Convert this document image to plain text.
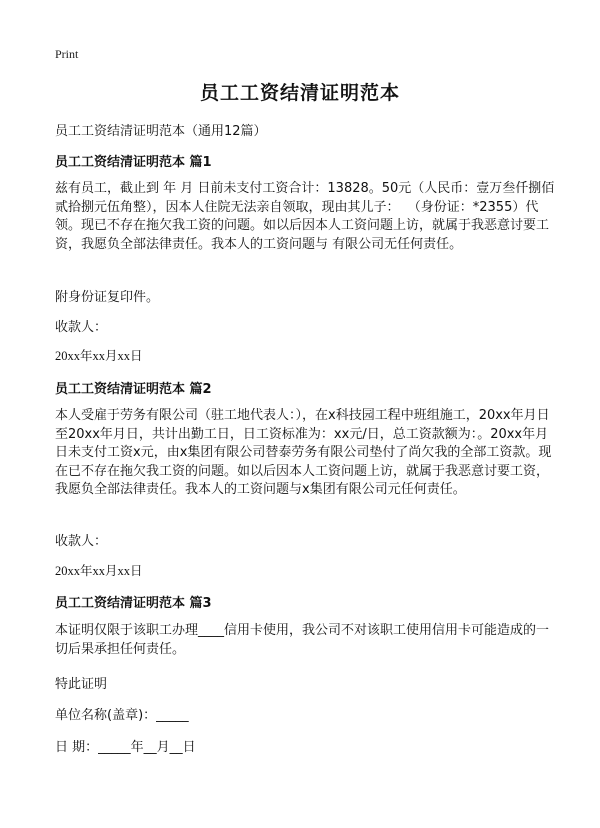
Print
员工工资结清证明范本
员工工资结清证明范本（通用12篇）
员工工资结清证明范本 篇1
兹有员工，截止到 年 月 日前未支付工资合计：13828。50元（人民币：壹万叁仟捌佰贰拾捌元伍角整），因本人住院无法亲自领取，现由其儿子：  （身份证：*2355）代领。现已不存在拖欠我工资的问题。如以后因本人工资问题上访，就属于我恶意讨要工资，我愿负全部法律责任。我本人的工资问题与 有限公司无任何责任。
附身份证复印件。
收款人：
20xx年xx月xx日
员工工资结清证明范本 篇2
本人受雇于劳务有限公司（驻工地代表人：），在x科技园工程中班组施工，20xx年月日至20xx年月日，共计出勤工日，日工资标准为：xx元/日，总工资款额为：。20xx年月日未支付工资x元，由x集团有限公司替泰劳务有限公司垫付了尚欠我的全部工资款。现在已不存在拖欠我工资的问题。如以后因本人工资问题上访，就属于我恶意讨要工资，我愿负全部法律责任。我本人的工资问题与x集团有限公司元任何责任。
收款人：
20xx年xx月xx日
员工工资结清证明范本 篇3
本证明仅限于该职工办理____信用卡使用，我公司不对该职工使用信用卡可能造成的一切后果承担任何责任。
特此证明
单位名称(盖章)：_____
日 期：_____年__月__日
